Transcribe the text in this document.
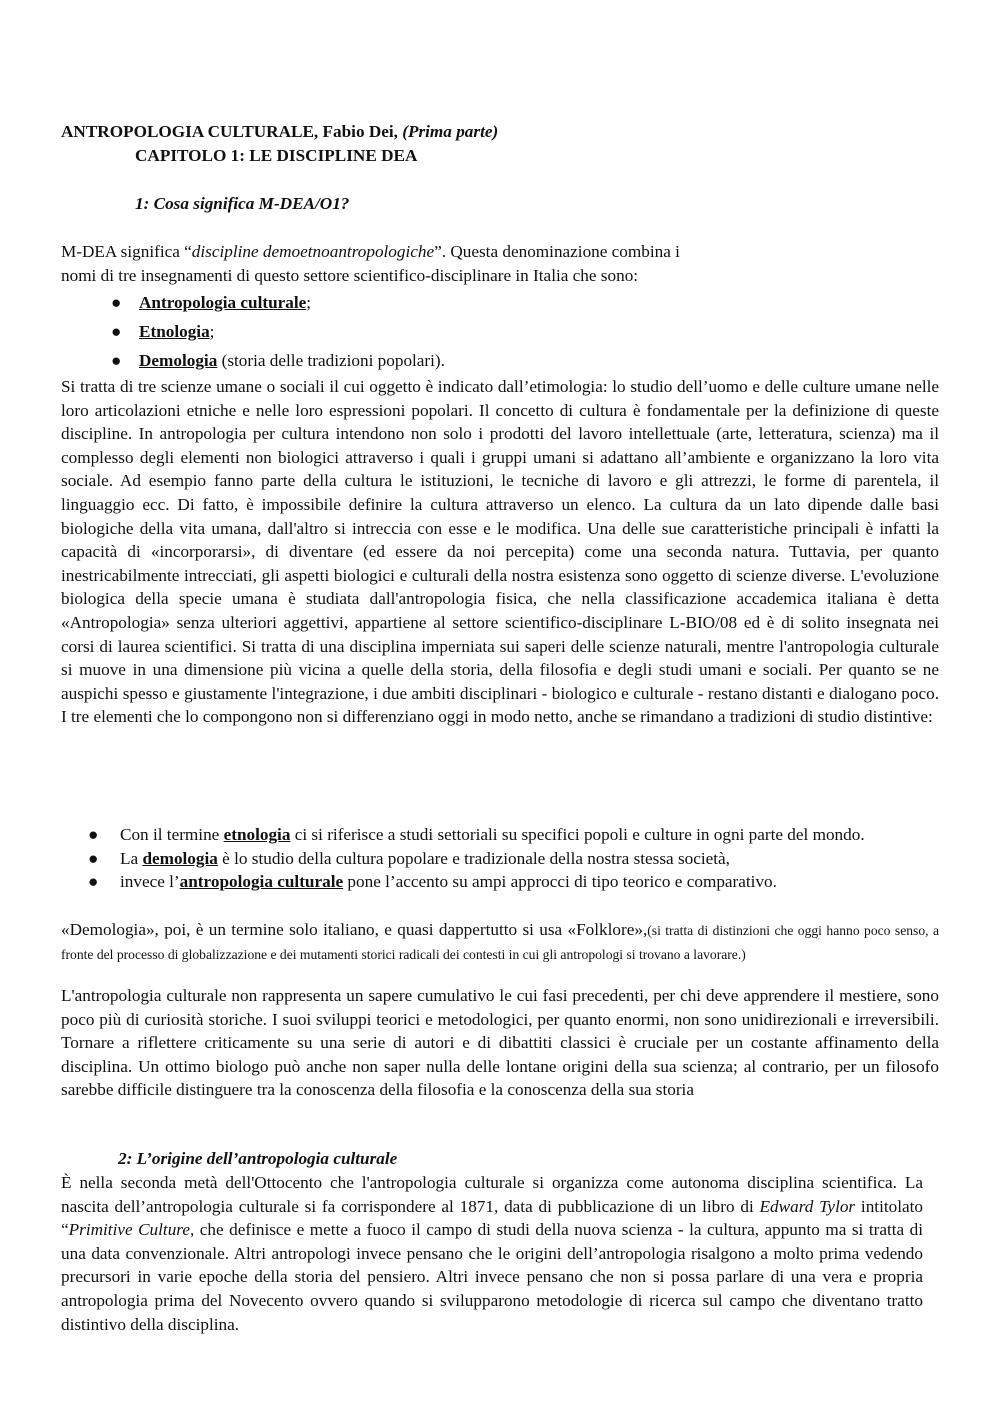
ANTROPOLOGIA CULTURALE, Fabio Dei, (Prima parte)

CAPITOLO 1: LE DISCIPLINE DEA

1: Cosa significa M-DEA/O1?

M-DEA significa “discipline demoetnoantropologiche”. Questa denominazione combina i
nomi di tre insegnamenti di questo settore scientifico-disciplinare in Italia che sono:

● Antropologia culturale;
● Etnologia;
● Demologia (storia delle tradizioni popolari).

Si tratta di tre scienze umane o sociali il cui oggetto è indicato dall’etimologia: lo studio dell’uomo e delle culture umane nelle loro articolazioni etniche e nelle loro espressioni popolari. Il concetto di cultura è fondamentale per la definizione di queste discipline. In antropologia per cultura intendono non solo i prodotti del lavoro intellettuale (arte, letteratura, scienza) ma il complesso degli elementi non biologici attraverso i quali i gruppi umani si adattano all’ambiente e organizzano la loro vita sociale. Ad esempio fanno parte della cultura le istituzioni, le tecniche di lavoro e gli attrezzi, le forme di parentela, il linguaggio ecc. Di fatto, è impossibile definire la cultura attraverso un elenco. La cultura da un lato dipende dalle basi biologiche della vita umana, dall'altro si intreccia con esse e le modifica. Una delle sue caratteristiche principali è infatti la capacità di «incorporarsi», di diventare (ed essere da noi percepita) come una seconda natura. Tuttavia, per quanto inestricabilmente intrecciati, gli aspetti biologici e culturali della nostra esistenza sono oggetto di scienze diverse. L'evoluzione biologica della specie umana è studiata dall'antropologia fisica, che nella classificazione accademica italiana è detta «Antropologia» senza ulteriori aggettivi, appartiene al settore scientifico-disciplinare L-BIO/08 ed è di solito insegnata nei corsi di laurea scientifici. Si tratta di una disciplina imperniata sui saperi delle scienze naturali, mentre l'antropologia culturale si muove in una dimensione più vicina a quelle della storia, della filosofia e degli studi umani e sociali. Per quanto se ne auspichi spesso e giustamente l'integrazione, i due ambiti disciplinari - biologico e culturale - restano distanti e dialogano poco. I tre elementi che lo compongono non si differenziano oggi in modo netto, anche se rimandano a tradizioni di studio distintive:

● Con il termine etnologia ci si riferisce a studi settoriali su specifici popoli e culture in ogni parte del mondo.
● La demologia è lo studio della cultura popolare e tradizionale della nostra stessa società,
● invece l’antropologia culturale pone l’accento su ampi approcci di tipo teorico e comparativo.

«Demologia», poi, è un termine solo italiano, e quasi dappertutto si usa «Folklore»,(si tratta di distinzioni che oggi hanno poco senso, a fronte del processo di globalizzazione e dei mutamenti storici radicali dei contesti in cui gli antropologi si trovano a lavorare.)

L'antropologia culturale non rappresenta un sapere cumulativo le cui fasi precedenti, per chi deve apprendere il mestiere, sono poco più di curiosità storiche. I suoi sviluppi teorici e metodologici, per quanto enormi, non sono unidirezionali e irreversibili. Tornare a riflettere criticamente su una serie di autori e di dibattiti classici è cruciale per un costante affinamento della disciplina. Un ottimo biologo può anche non saper nulla delle lontane origini della sua scienza; al contrario, per un filosofo sarebbe difficile distinguere tra la conoscenza della filosofia e la conoscenza della sua storia

2: L’origine dell’antropologia culturale

È nella seconda metà dell'Ottocento che l'antropologia culturale si organizza come autonoma disciplina scientifica. La nascita dell’antropologia culturale si fa corrispondere al 1871, data di pubblicazione di un libro di Edward Tylor intitolato “Primitive Culture, che definisce e mette a fuoco il campo di studi della nuova scienza - la cultura, appunto ma si tratta di una data convenzionale. Altri antropologi invece pensano che le origini dell’antropologia risalgono a molto prima vedendo precursori in varie epoche della storia del pensiero. Altri invece pensano che non si possa parlare di una vera e propria antropologia prima del Novecento ovvero quando si svilupparono metodologie di ricerca sul campo che diventano tratto distintivo della disciplina.
